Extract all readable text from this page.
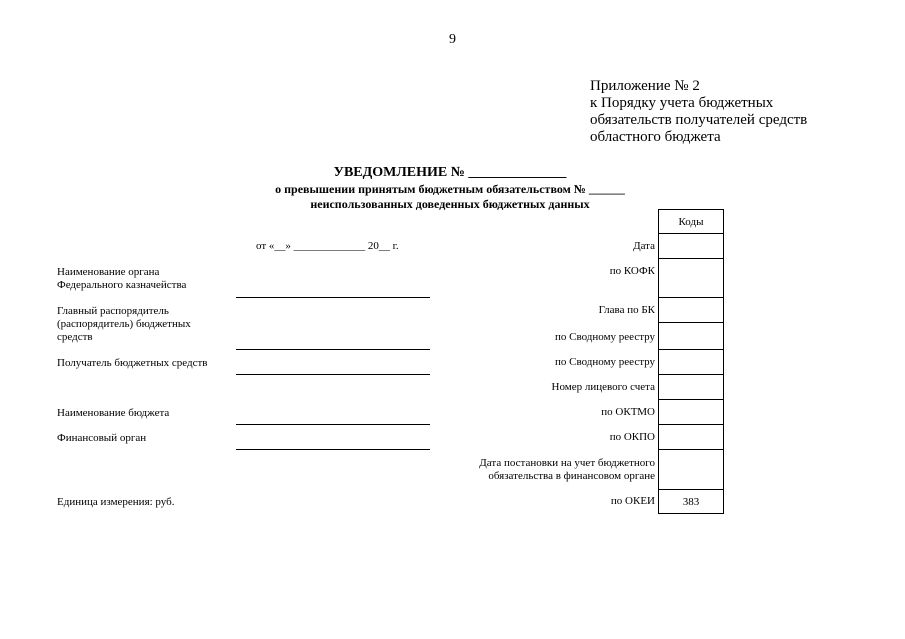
9
Приложение № 2
к Порядку учета бюджетных
обязательств получателей средств
областного бюджета
УВЕДОМЛЕНИЕ № ______________
о превышении принятым бюджетным обязательством № ______
неиспользованных доведенных бюджетных данных
от «__» _____________ 20__ г.
Наименование органа
Федерального казначейства
Главный распорядитель
(распорядитель) бюджетных
средств
Получатель бюджетных средств
Наименование бюджета
Финансовый орган
Единица измерения: руб.
Дата
по КОФК
Глава по БК
по Сводному реестру
по Сводному реестру
Номер лицевого счета
по ОКТМО
по ОКПО
Дата постановки на учет бюджетного
обязательства в финансовом органе
по ОКЕИ
Коды
383
